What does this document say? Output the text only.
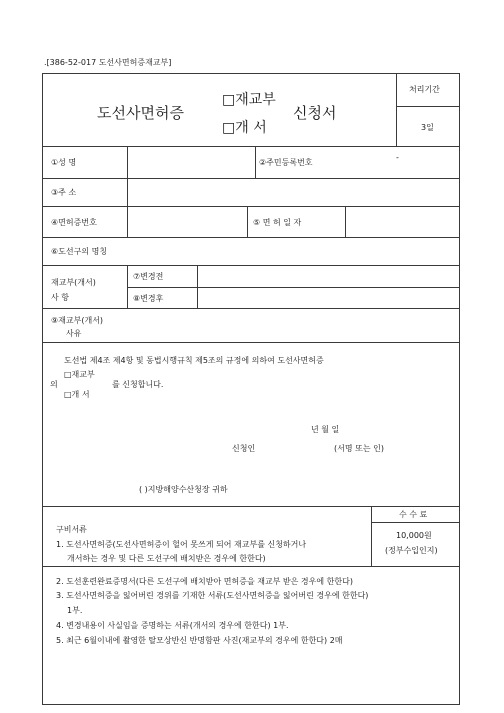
.[386-52-017 도선사면허증재교부]
도선사면허증
□재교부
□개 서
신청서
처리기간
3일
①성 명	②주민등록번호
-
③주 소
④면허증번호	⑤ 면 허 일 자
⑥도선구의 명칭
재교부(개서)
사 항
⑦변경전
⑧변경후
⑨재교부(개서)
사유
도선법 제4조 제4항 및 동법시행규칙 제5조의 규정에 의하여 도선사면허증
의
□재교부
□개 서
를 신청합니다.
년 월 일
신청인	(서명 또는 인)
( )지방해양수산청장 귀하
구비서류
1. 도선사면허증(도선사면허증이 헐어 못쓰게 되어 재교부를 신청하거나
개서하는 경우 및 다른 도선구에 배치받은 경우에 한한다)
2. 도선훈련완료증명서(다른 도선구에 배치받아 면허증을 재교부 받은 경우에 한한다)
3. 도선사면허증을 잃어버린 경위를 기재한 서류(도선사면허증을 잃어버린 경우에 한한다)
1부.
4. 변경내용이 사실임을 증명하는 서류(개서의 경우에 한한다) 1부.
5. 최근 6월이내에 촬영한 탈모상반신 반명함판 사진(재교부의 경우에 한한다) 2매
수 수 료
10,000원
(정부수입인지)
